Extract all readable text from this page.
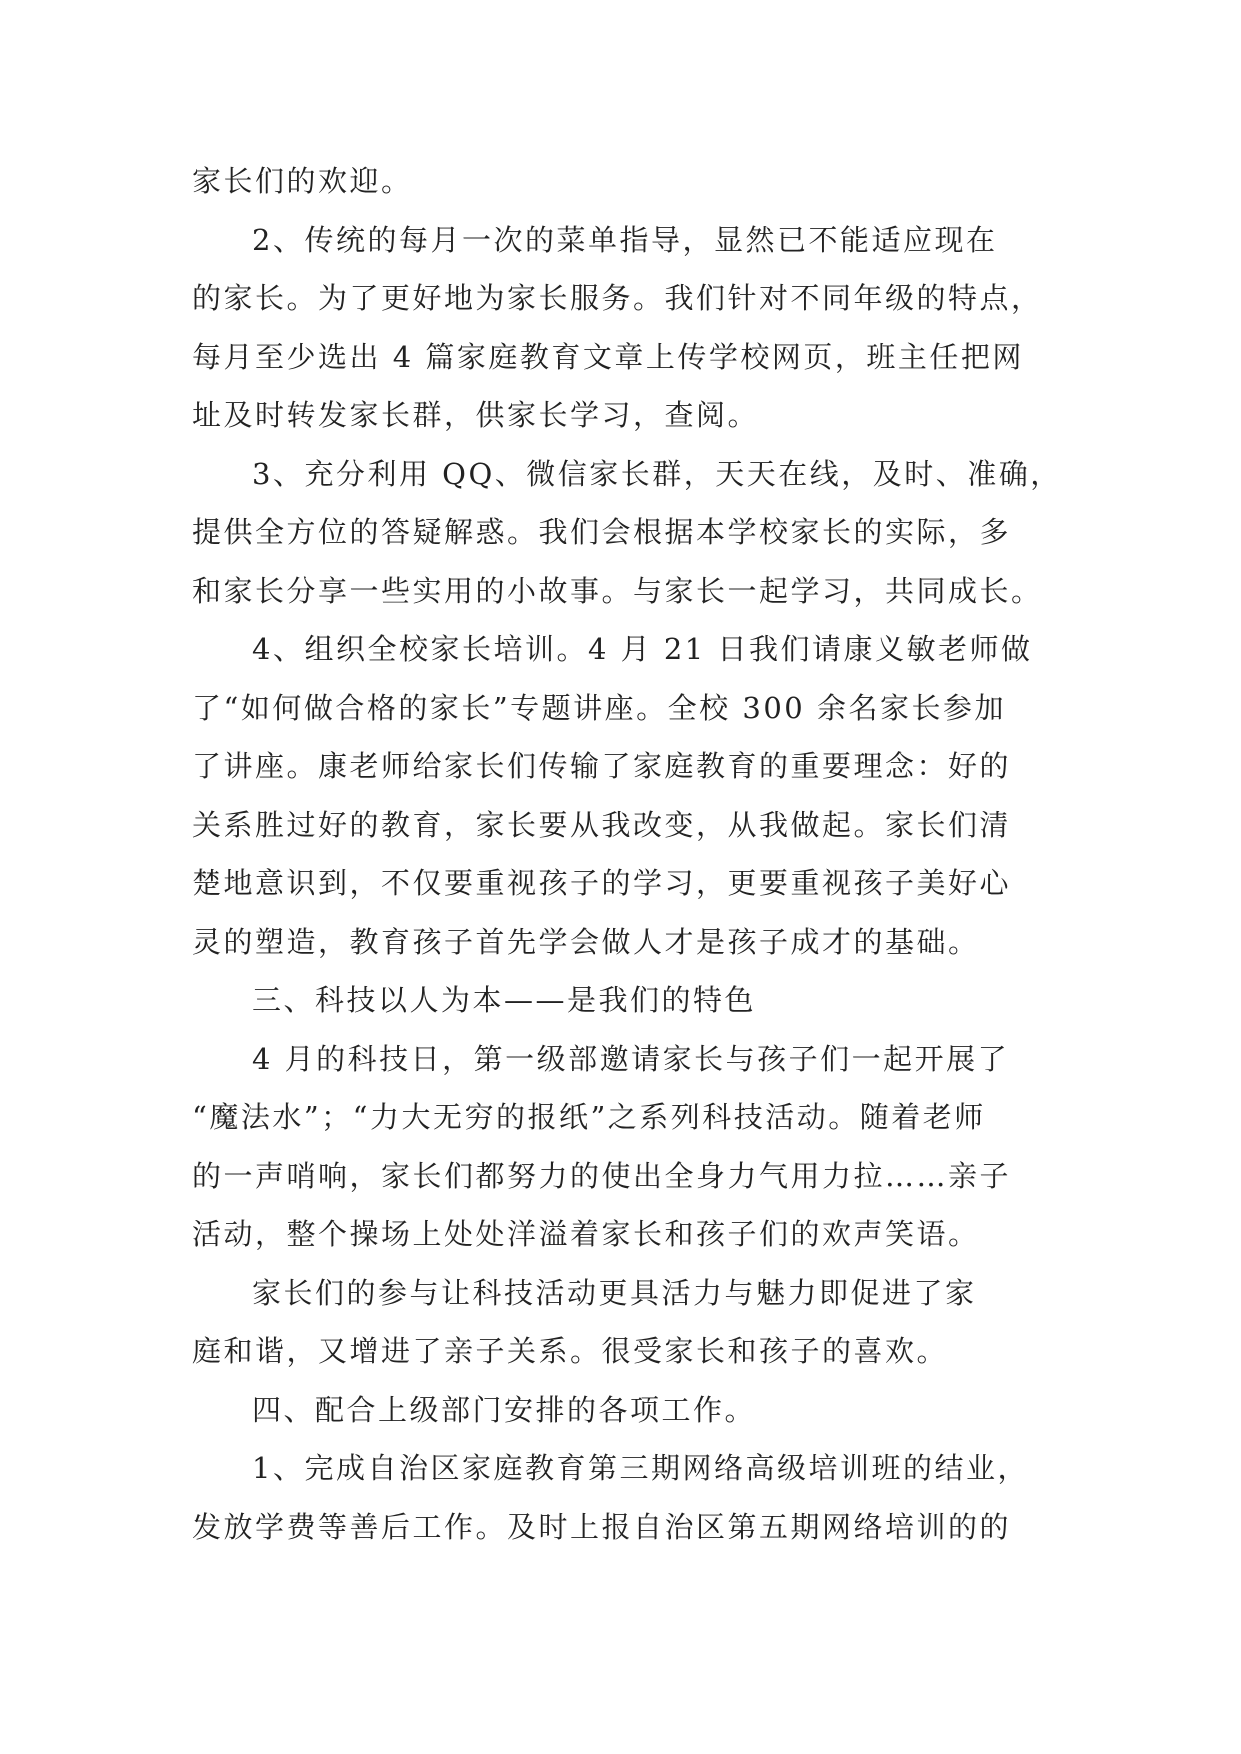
家长们的欢迎。
2、传统的每月一次的菜单指导，显然已不能适应现在
的家长。为了更好地为家长服务。我们针对不同年级的特点，
每月至少选出 4 篇家庭教育文章上传学校网页，班主任把网
址及时转发家长群，供家长学习，查阅。
3、充分利用 QQ、微信家长群，天天在线，及时、准确，
提供全方位的答疑解惑。我们会根据本学校家长的实际，多
和家长分享一些实用的小故事。与家长一起学习，共同成长。
4、组织全校家长培训。4 月 21 日我们请康义敏老师做
了“如何做合格的家长”专题讲座。全校 300 余名家长参加
了讲座。康老师给家长们传输了家庭教育的重要理念：好的
关系胜过好的教育，家长要从我改变，从我做起。家长们清
楚地意识到，不仅要重视孩子的学习，更要重视孩子美好心
灵的塑造，教育孩子首先学会做人才是孩子成才的基础。
三、科技以人为本——是我们的特色
4 月的科技日，第一级部邀请家长与孩子们一起开展了
“魔法水”；“力大无穷的报纸”之系列科技活动。随着老师
的一声哨响，家长们都努力的使出全身力气用力拉……亲子
活动，整个操场上处处洋溢着家长和孩子们的欢声笑语。
家长们的参与让科技活动更具活力与魅力即促进了家
庭和谐，又增进了亲子关系。很受家长和孩子的喜欢。
四、配合上级部门安排的各项工作。
1、完成自治区家庭教育第三期网络高级培训班的结业，
发放学费等善后工作。及时上报自治区第五期网络培训的的
